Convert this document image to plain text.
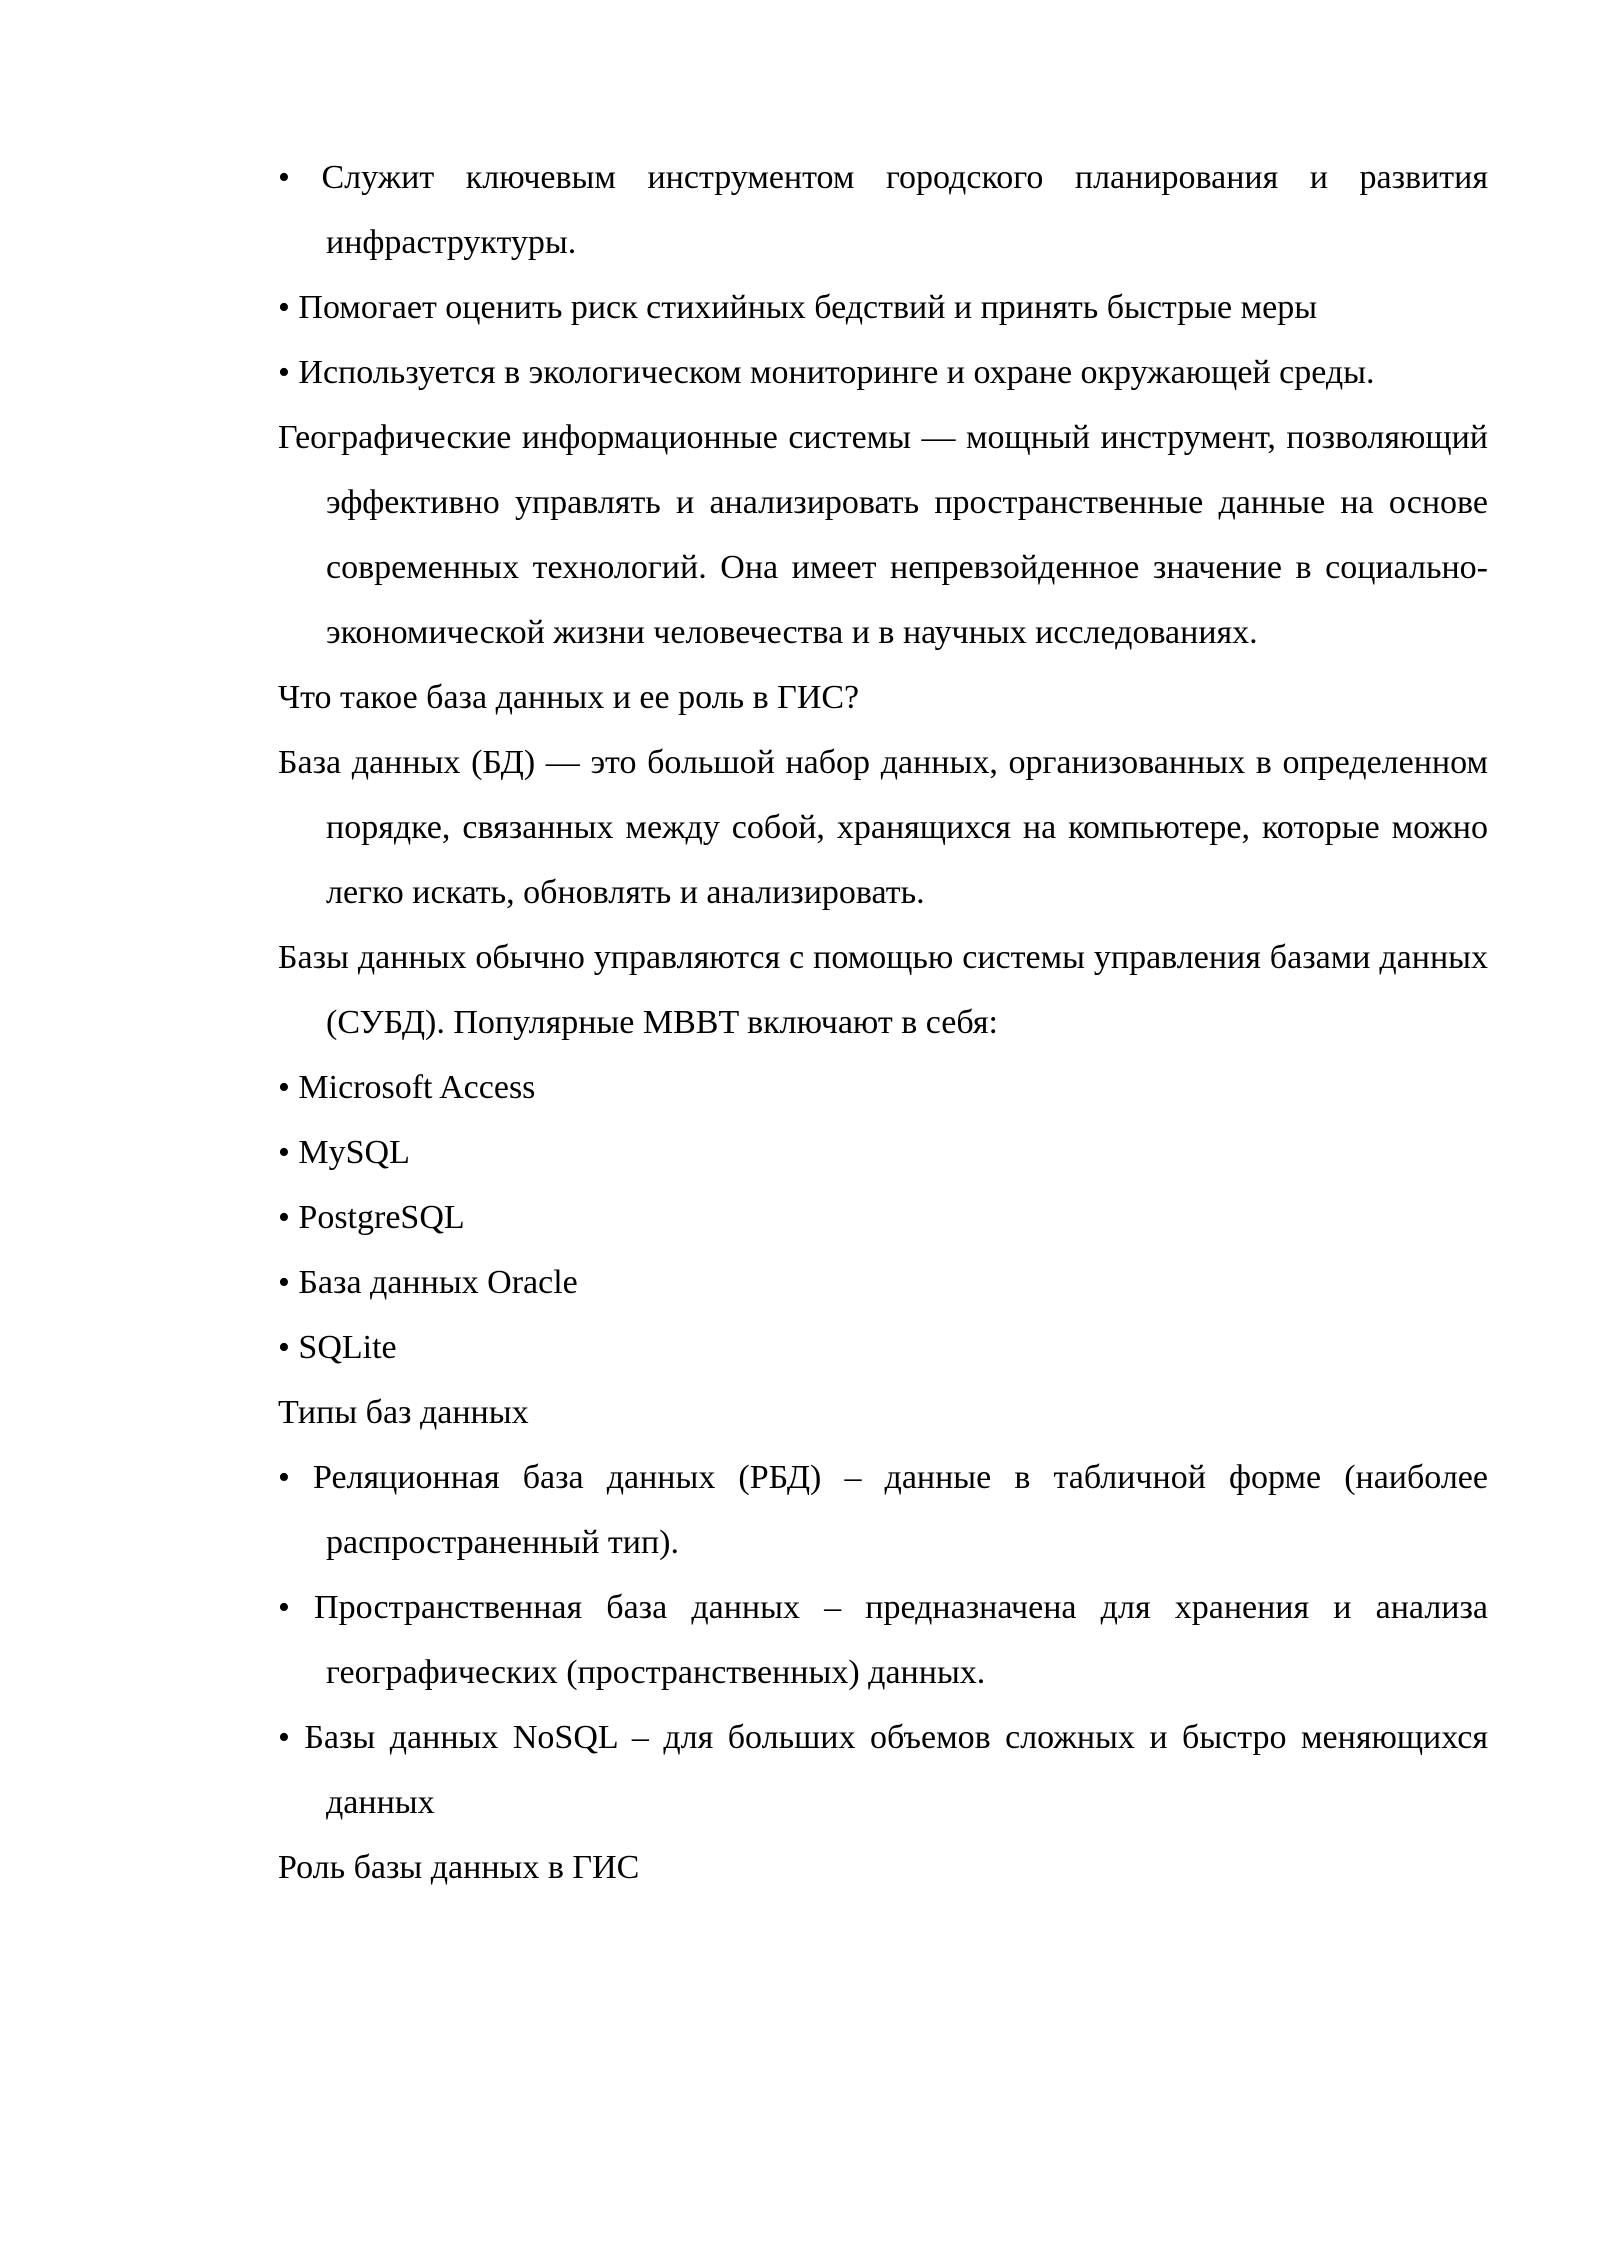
• Служит ключевым инструментом городского планирования и развития инфраструктуры.

• Помогает оценить риск стихийных бедствий и принять быстрые меры

• Используется в экологическом мониторинге и охране окружающей среды.

Географические информационные системы — мощный инструмент, позволяющий эффективно управлять и анализировать пространственные данные на основе современных технологий. Она имеет непревзойденное значение в социально-экономической жизни человечества и в научных исследованиях.

Что такое база данных и ее роль в ГИС?

База данных (БД) — это большой набор данных, организованных в определенном порядке, связанных между собой, хранящихся на компьютере, которые можно легко искать, обновлять и анализировать.

Базы данных обычно управляются с помощью системы управления базами данных (СУБД). Популярные MBBT включают в себя:

• Microsoft Access

• MySQL

• PostgreSQL

• База данных Oracle

• SQLite

Типы баз данных

• Реляционная база данных (РБД) – данные в табличной форме (наиболее распространенный тип).

• Пространственная база данных – предназначена для хранения и анализа географических (пространственных) данных.

• Базы данных NoSQL – для больших объемов сложных и быстро меняющихся данных

Роль базы данных в ГИС
